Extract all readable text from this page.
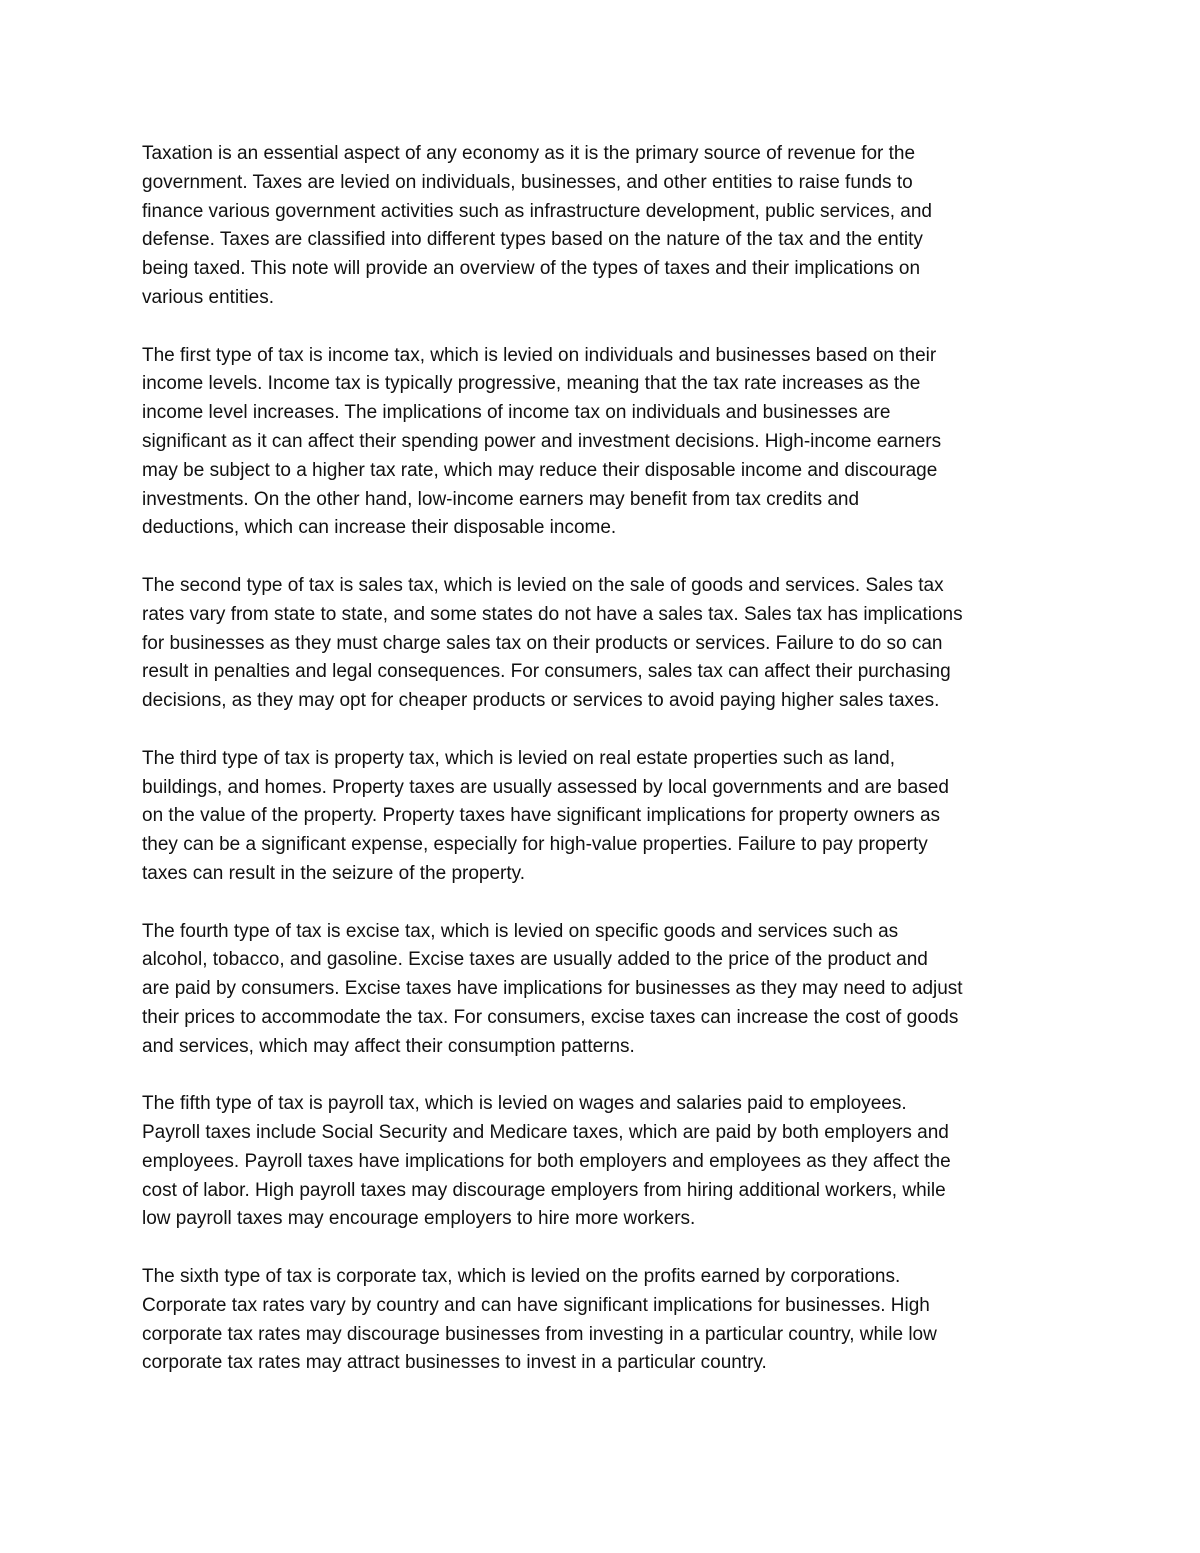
Taxation is an essential aspect of any economy as it is the primary source of revenue for the
government. Taxes are levied on individuals, businesses, and other entities to raise funds to
finance various government activities such as infrastructure development, public services, and
defense. Taxes are classified into different types based on the nature of the tax and the entity
being taxed. This note will provide an overview of the types of taxes and their implications on
various entities.

The first type of tax is income tax, which is levied on individuals and businesses based on their
income levels. Income tax is typically progressive, meaning that the tax rate increases as the
income level increases. The implications of income tax on individuals and businesses are
significant as it can affect their spending power and investment decisions. High-income earners
may be subject to a higher tax rate, which may reduce their disposable income and discourage
investments. On the other hand, low-income earners may benefit from tax credits and
deductions, which can increase their disposable income.

The second type of tax is sales tax, which is levied on the sale of goods and services. Sales tax
rates vary from state to state, and some states do not have a sales tax. Sales tax has implications
for businesses as they must charge sales tax on their products or services. Failure to do so can
result in penalties and legal consequences. For consumers, sales tax can affect their purchasing
decisions, as they may opt for cheaper products or services to avoid paying higher sales taxes.

The third type of tax is property tax, which is levied on real estate properties such as land,
buildings, and homes. Property taxes are usually assessed by local governments and are based
on the value of the property. Property taxes have significant implications for property owners as
they can be a significant expense, especially for high-value properties. Failure to pay property
taxes can result in the seizure of the property.

The fourth type of tax is excise tax, which is levied on specific goods and services such as
alcohol, tobacco, and gasoline. Excise taxes are usually added to the price of the product and
are paid by consumers. Excise taxes have implications for businesses as they may need to adjust
their prices to accommodate the tax. For consumers, excise taxes can increase the cost of goods
and services, which may affect their consumption patterns.

The fifth type of tax is payroll tax, which is levied on wages and salaries paid to employees.
Payroll taxes include Social Security and Medicare taxes, which are paid by both employers and
employees. Payroll taxes have implications for both employers and employees as they affect the
cost of labor. High payroll taxes may discourage employers from hiring additional workers, while
low payroll taxes may encourage employers to hire more workers.

The sixth type of tax is corporate tax, which is levied on the profits earned by corporations.
Corporate tax rates vary by country and can have significant implications for businesses. High
corporate tax rates may discourage businesses from investing in a particular country, while low
corporate tax rates may attract businesses to invest in a particular country.
